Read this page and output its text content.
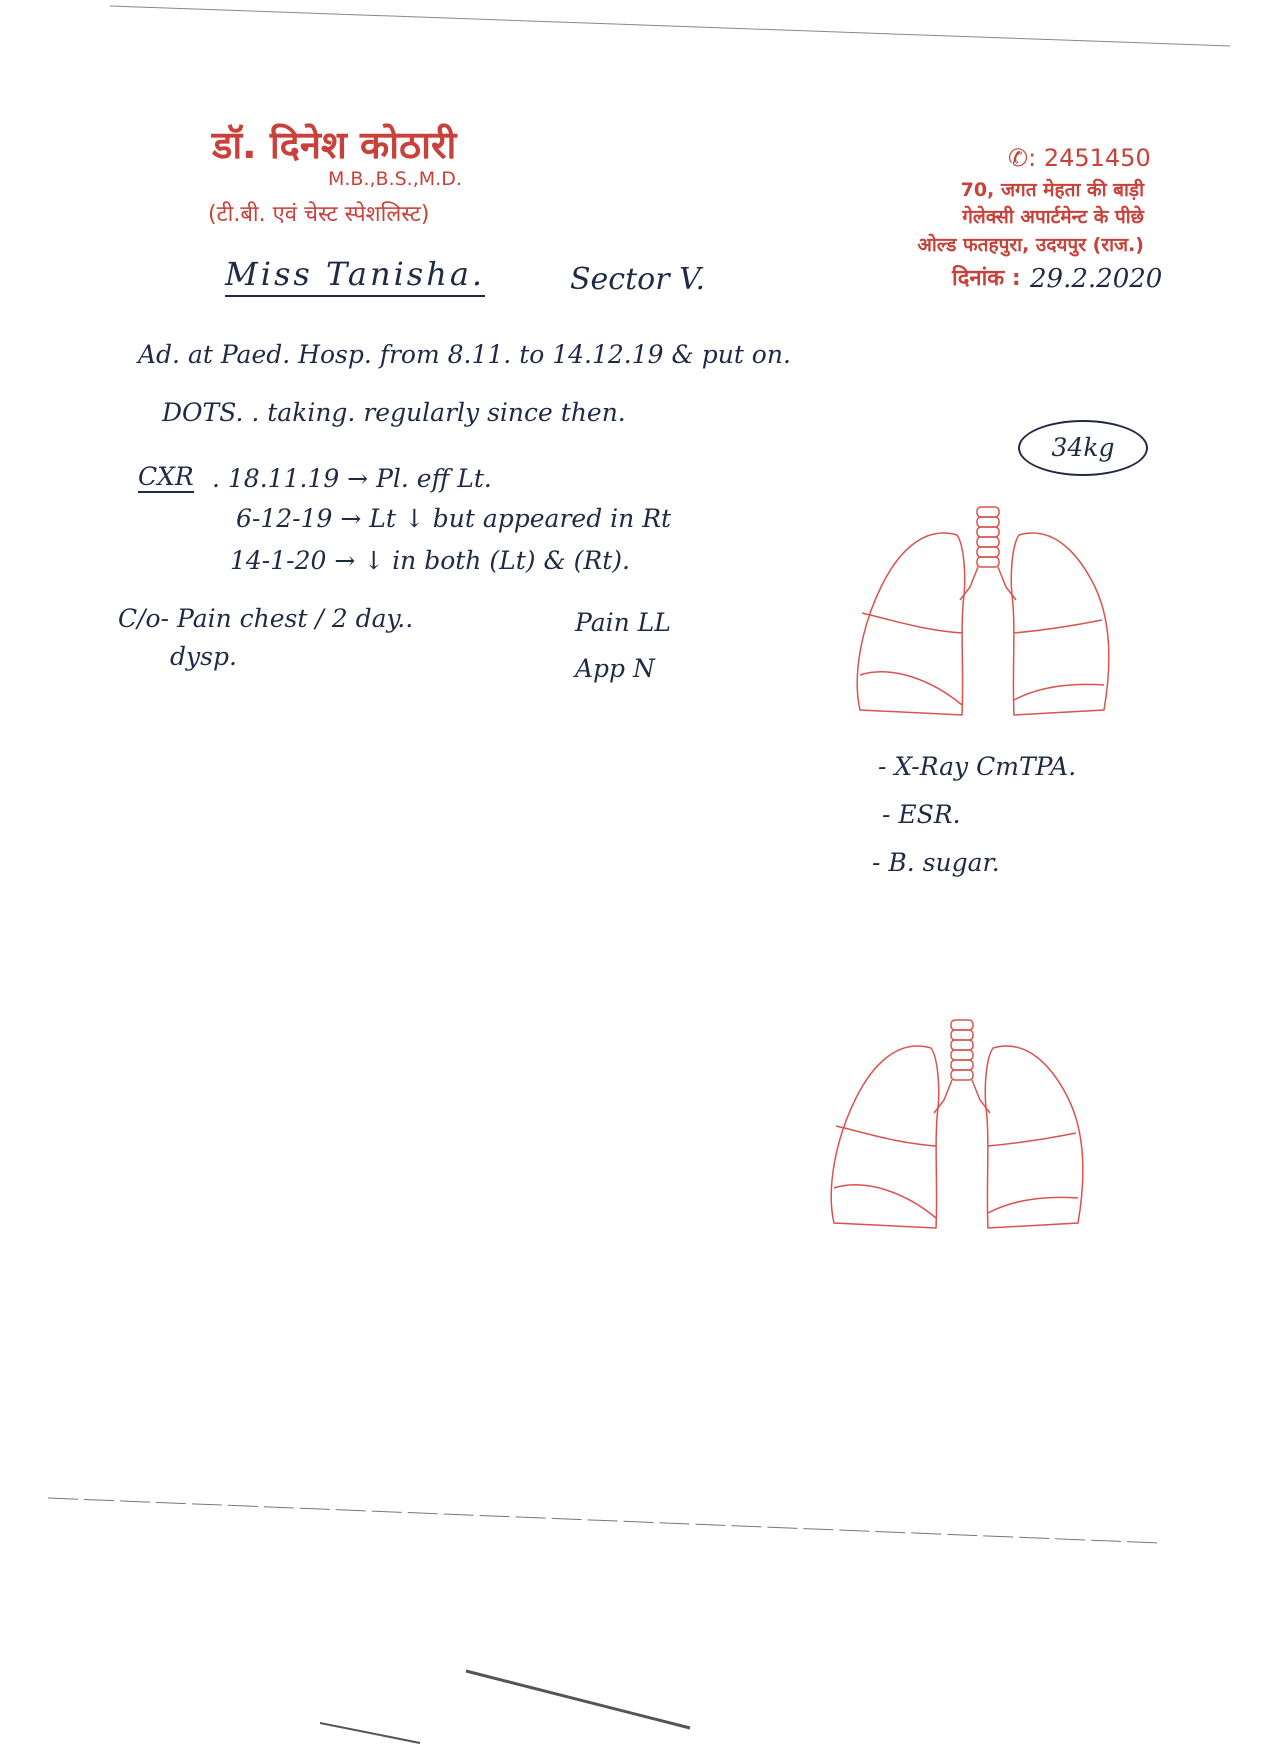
डॉ. दिनेश कोठारी
M.B.,B.S.,M.D.
(टी.बी. एवं चेस्ट स्पेशलिस्ट)
✆: 2451450
70, जगत मेहता की बाड़ी
गेलेक्सी अपार्टमेन्ट के पीछे
ओल्ड फतहपुरा, उदयपुर (राज.)
दिनांक : 29.2.2020
Miss Tanisha.	Sector V.
Ad. at Paed. Hosp. from 8.11. to 14.12.19 & put on.
DOTS. . taking. regularly since then.
34kg
CXR . 18.11.19 → Pl. eff Lt.
6-12-19 → Lt ↓ but appeared in Rt
14-1-20 → ↓ in both (Lt) & (Rt).
C/o- Pain chest / 2 day..
dysp.
Pain LL
App N
- X-Ray CmTPA.
- ESR.
- B. sugar.
